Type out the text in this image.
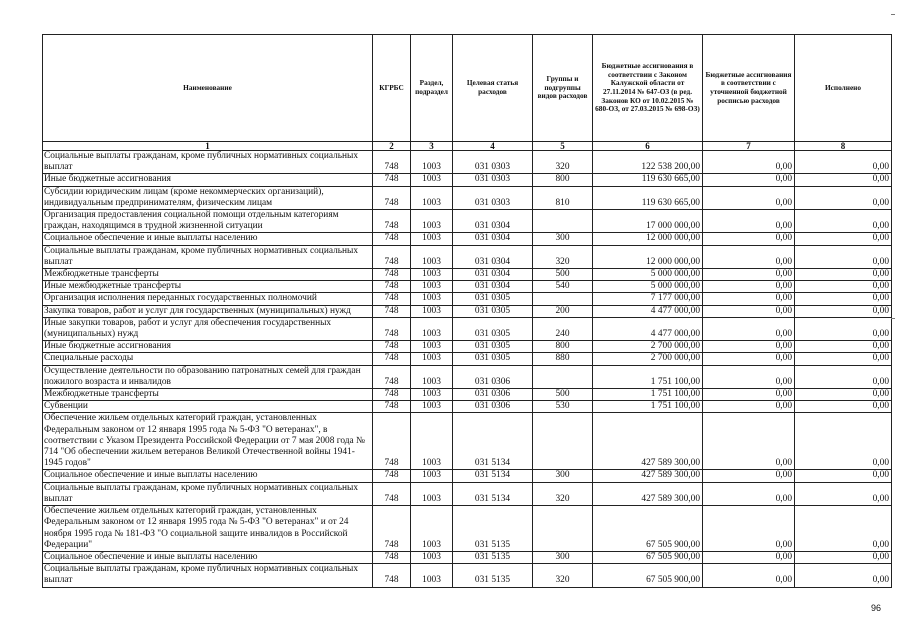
Наименование	КГРБС	Раздел, подраздел	Целевая статья расходов	Группы и подгруппы видов расходов	Бюджетные ассигнования в соответствии с Законом Калужской области от 27.11.2014 № 647-ОЗ (в ред. Законов КО от 10.02.2015 № 680-ОЗ, от 27.03.2015 № 698-ОЗ)	Бюджетные ассигнования в соответствии с уточненной бюджетной росписью расходов	Исполнено
1	2	3	4	5	6	7	8
Социальные выплаты гражданам, кроме публичных нормативных социальных выплат	748	1003	031 0303	320	122 538 200,00	0,00	0,00
Иные бюджетные ассигнования	748	1003	031 0303	800	119 630 665,00	0,00	0,00
Субсидии юридическим лицам (кроме некоммерческих организаций), индивидуальным предпринимателям, физическим лицам	748	1003	031 0303	810	119 630 665,00	0,00	0,00
Организация предоставления социальной помощи отдельным категориям граждан, находящимся в трудной жизненной ситуации	748	1003	031 0304		17 000 000,00	0,00	0,00
Социальное обеспечение и иные выплаты населению	748	1003	031 0304	300	12 000 000,00	0,00	0,00
Социальные выплаты гражданам, кроме публичных нормативных социальных выплат	748	1003	031 0304	320	12 000 000,00	0,00	0,00
Межбюджетные трансферты	748	1003	031 0304	500	5 000 000,00	0,00	0,00
Иные межбюджетные трансферты	748	1003	031 0304	540	5 000 000,00	0,00	0,00
Организация исполнения переданных государственных полномочий	748	1003	031 0305		7 177 000,00	0,00	0,00
Закупка товаров, работ и услуг для государственных (муниципальных) нужд	748	1003	031 0305	200	4 477 000,00	0,00	0,00
Иные закупки товаров, работ и услуг для обеспечения государственных (муниципальных) нужд	748	1003	031 0305	240	4 477 000,00	0,00	0,00
Иные бюджетные ассигнования	748	1003	031 0305	800	2 700 000,00	0,00	0,00
Специальные расходы	748	1003	031 0305	880	2 700 000,00	0,00	0,00
Осуществление деятельности по образованию патронатных семей для граждан пожилого возраста и инвалидов	748	1003	031 0306		1 751 100,00	0,00	0,00
Межбюджетные трансферты	748	1003	031 0306	500	1 751 100,00	0,00	0,00
Субвенции	748	1003	031 0306	530	1 751 100,00	0,00	0,00
Обеспечение жильем отдельных категорий граждан, установленных Федеральным законом от 12 января 1995 года № 5-ФЗ "О ветеранах", в соответствии с Указом Президента Российской Федерации от 7 мая 2008 года № 714 "Об обеспечении жильем ветеранов Великой Отечественной войны 1941-1945 годов"	748	1003	031 5134		427 589 300,00	0,00	0,00
Социальное обеспечение и иные выплаты населению	748	1003	031 5134	300	427 589 300,00	0,00	0,00
Социальные выплаты гражданам, кроме публичных нормативных социальных выплат	748	1003	031 5134	320	427 589 300,00	0,00	0,00
Обеспечение жильем отдельных категорий граждан, установленных Федеральным законом от 12 января 1995 года № 5-ФЗ "О ветеранах" и от 24 ноября 1995 года № 181-ФЗ "О социальной защите инвалидов в Российской Федерации"	748	1003	031 5135		67 505 900,00	0,00	0,00
Социальное обеспечение и иные выплаты населению	748	1003	031 5135	300	67 505 900,00	0,00	0,00
Социальные выплаты гражданам, кроме публичных нормативных социальных выплат	748	1003	031 5135	320	67 505 900,00	0,00	0,00
96
